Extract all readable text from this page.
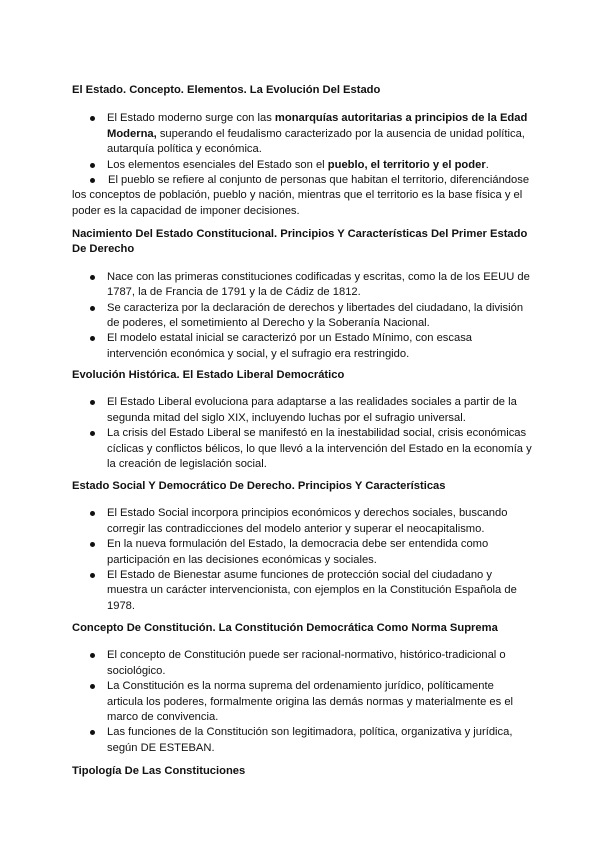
El Estado. Concepto. Elementos. La Evolución Del Estado
El Estado moderno surge con las monarquías autoritarias a principios de la Edad Moderna, superando el feudalismo caracterizado por la ausencia de unidad política, autarquía política y económica.
Los elementos esenciales del Estado son el pueblo, el territorio y el poder.
El pueblo se refiere al conjunto de personas que habitan el territorio, diferenciándose los conceptos de población, pueblo y nación, mientras que el territorio es la base física y el poder es la capacidad de imponer decisiones.
Nacimiento Del Estado Constitucional. Principios Y Características Del Primer Estado De Derecho
Nace con las primeras constituciones codificadas y escritas, como la de los EEUU de 1787, la de Francia de 1791 y la de Cádiz de 1812.
Se caracteriza por la declaración de derechos y libertades del ciudadano, la división de poderes, el sometimiento al Derecho y la Soberanía Nacional.
El modelo estatal inicial se caracterizó por un Estado Mínimo, con escasa intervención económica y social, y el sufragio era restringido.
Evolución Histórica. El Estado Liberal Democrático
El Estado Liberal evoluciona para adaptarse a las realidades sociales a partir de la segunda mitad del siglo XIX, incluyendo luchas por el sufragio universal.
La crisis del Estado Liberal se manifestó en la inestabilidad social, crisis económicas cíclicas y conflictos bélicos, lo que llevó a la intervención del Estado en la economía y la creación de legislación social.
Estado Social Y Democrático De Derecho. Principios Y Características
El Estado Social incorpora principios económicos y derechos sociales, buscando corregir las contradicciones del modelo anterior y superar el neocapitalismo.
En la nueva formulación del Estado, la democracia debe ser entendida como participación en las decisiones económicas y sociales.
El Estado de Bienestar asume funciones de protección social del ciudadano y muestra un carácter intervencionista, con ejemplos en la Constitución Española de 1978.
Concepto De Constitución. La Constitución Democrática Como Norma Suprema
El concepto de Constitución puede ser racional-normativo, histórico-tradicional o sociológico.
La Constitución es la norma suprema del ordenamiento jurídico, políticamente articula los poderes, formalmente origina las demás normas y materialmente es el marco de convivencia.
Las funciones de la Constitución son legitimadora, política, organizativa y jurídica, según DE ESTEBAN.
Tipología De Las Constituciones
